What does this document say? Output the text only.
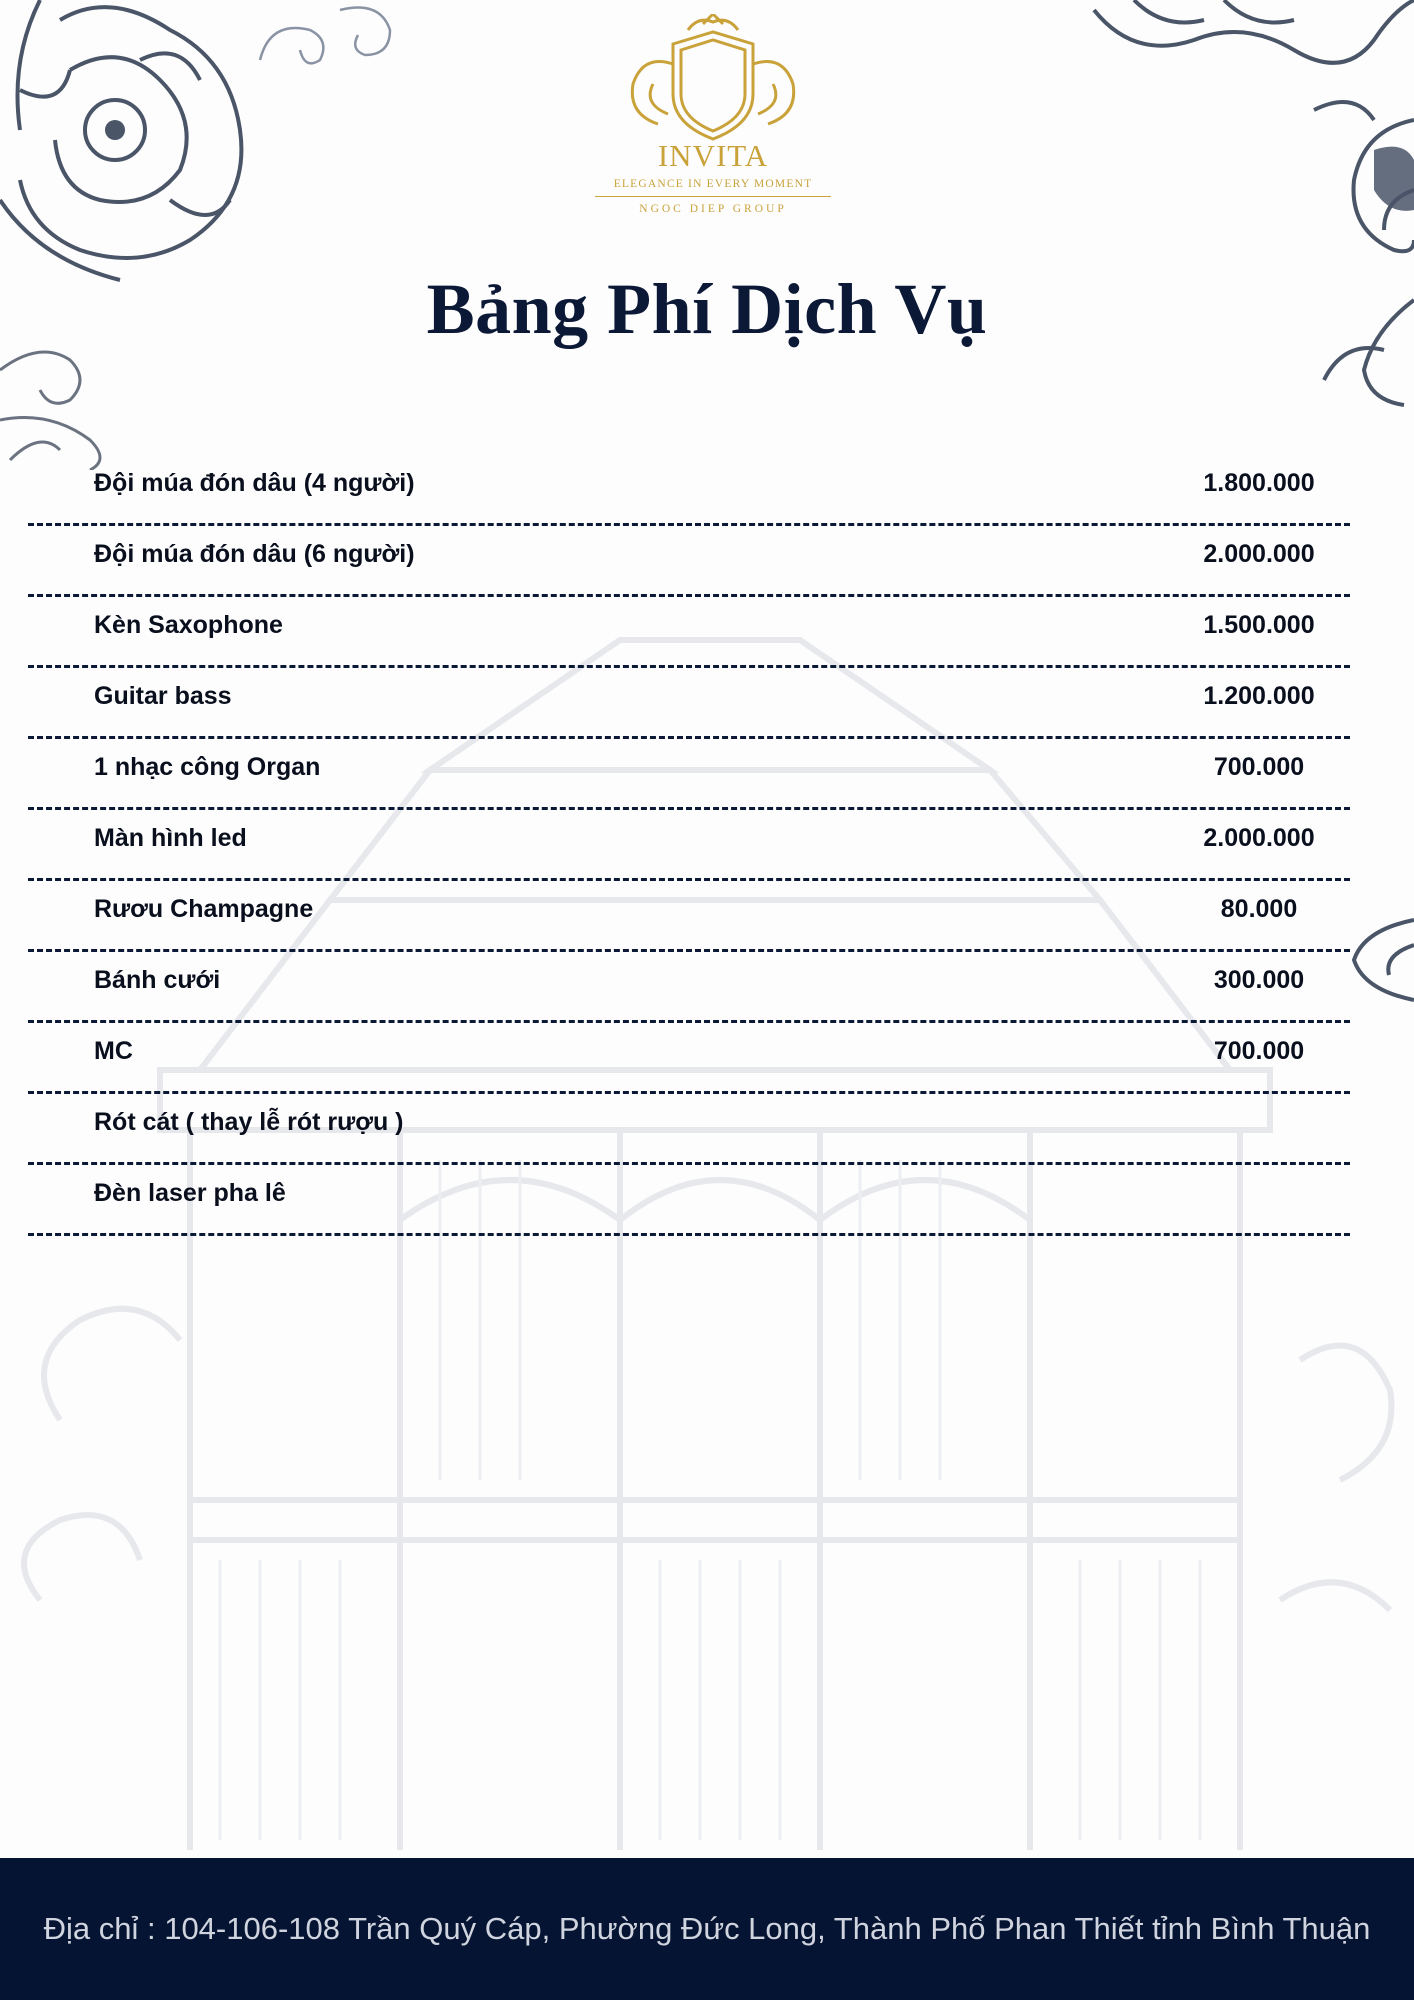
INVITA
ELEGANCE IN EVERY MOMENT
NGOC DIEP GROUP
Bảng Phí Dịch Vụ
Đội múa đón dâu (4 người)	1.800.000
Đội múa đón dâu (6 người)	2.000.000
Kèn Saxophone	1.500.000
Guitar bass	1.200.000
1 nhạc công Organ	700.000
Màn hình led	2.000.000
Rươu Champagne	80.000
Bánh cưới	300.000
MC	700.000
Rót cát ( thay lễ rót rượu )
Đèn laser pha lê

Địa chỉ : 104-106-108 Trần Quý Cáp, Phường Đức Long, Thành Phố Phan Thiết tỉnh Bình Thuận
